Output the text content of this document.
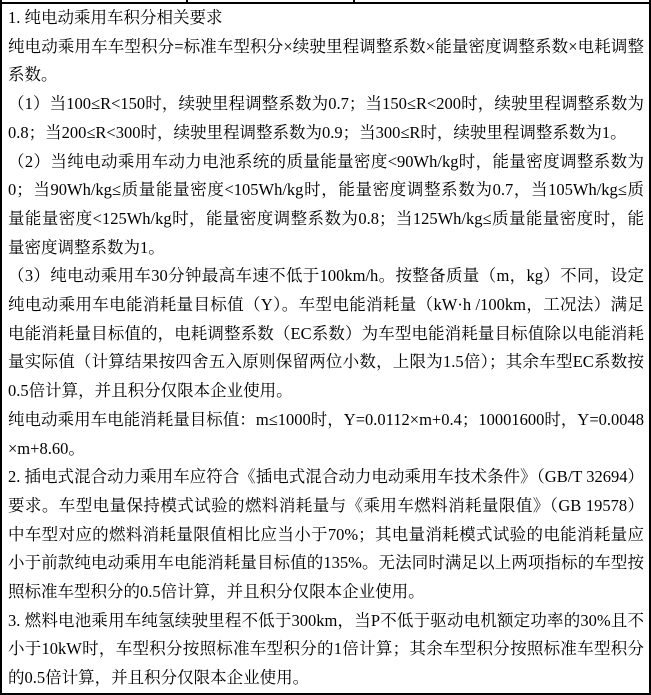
1. 纯电动乘用车积分相关要求

纯电动乘用车车型积分=标准车型积分×续驶里程调整系数×能量密度调整系数×电耗调整系数。

（1）当100≤R<150时，续驶里程调整系数为0.7；当150≤R<200时，续驶里程调整系数为0.8；当200≤R<300时，续驶里程调整系数为0.9；当300≤R时，续驶里程调整系数为1。

（2）当纯电动乘用车动力电池系统的质量能量密度<90Wh/kg时，能量密度调整系数为0；当90Wh/kg≤质量能量密度<105Wh/kg时，能量密度调整系数为0.7，当105Wh/kg≤质量能量密度<125Wh/kg时，能量密度调整系数为0.8；当125Wh/kg≤质量能量密度时，能量密度调整系数为1。

（3）纯电动乘用车30分钟最高车速不低于100km/h。按整备质量（m，kg）不同，设定纯电动乘用车电能消耗量目标值（Y）。车型电能消耗量（kW·h /100km，工况法）满足电能消耗量目标值的，电耗调整系数（EC系数）为车型电能消耗量目标值除以电能消耗量实际值（计算结果按四舍五入原则保留两位小数，上限为1.5倍）；其余车型EC系数按0.5倍计算，并且积分仅限本企业使用。

纯电动乘用车电能消耗量目标值：m≤1000时，Y=0.0112×m+0.4；10001600时，Y=0.0048×m+8.60。

2. 插电式混合动力乘用车应符合《插电式混合动力电动乘用车技术条件》（GB/T 32694）要求。车型电量保持模式试验的燃料消耗量与《乘用车燃料消耗量限值》（GB 19578）中车型对应的燃料消耗量限值相比应当小于70%；其电量消耗模式试验的电能消耗量应小于前款纯电动乘用车电能消耗量目标值的135%。无法同时满足以上两项指标的车型按照标准车型积分的0.5倍计算，并且积分仅限本企业使用。

3. 燃料电池乘用车纯氢续驶里程不低于300km，当P不低于驱动电机额定功率的30%且不小于10kW时，车型积分按照标准车型积分的1倍计算；其余车型积分按照标准车型积分的0.5倍计算，并且积分仅限本企业使用。
